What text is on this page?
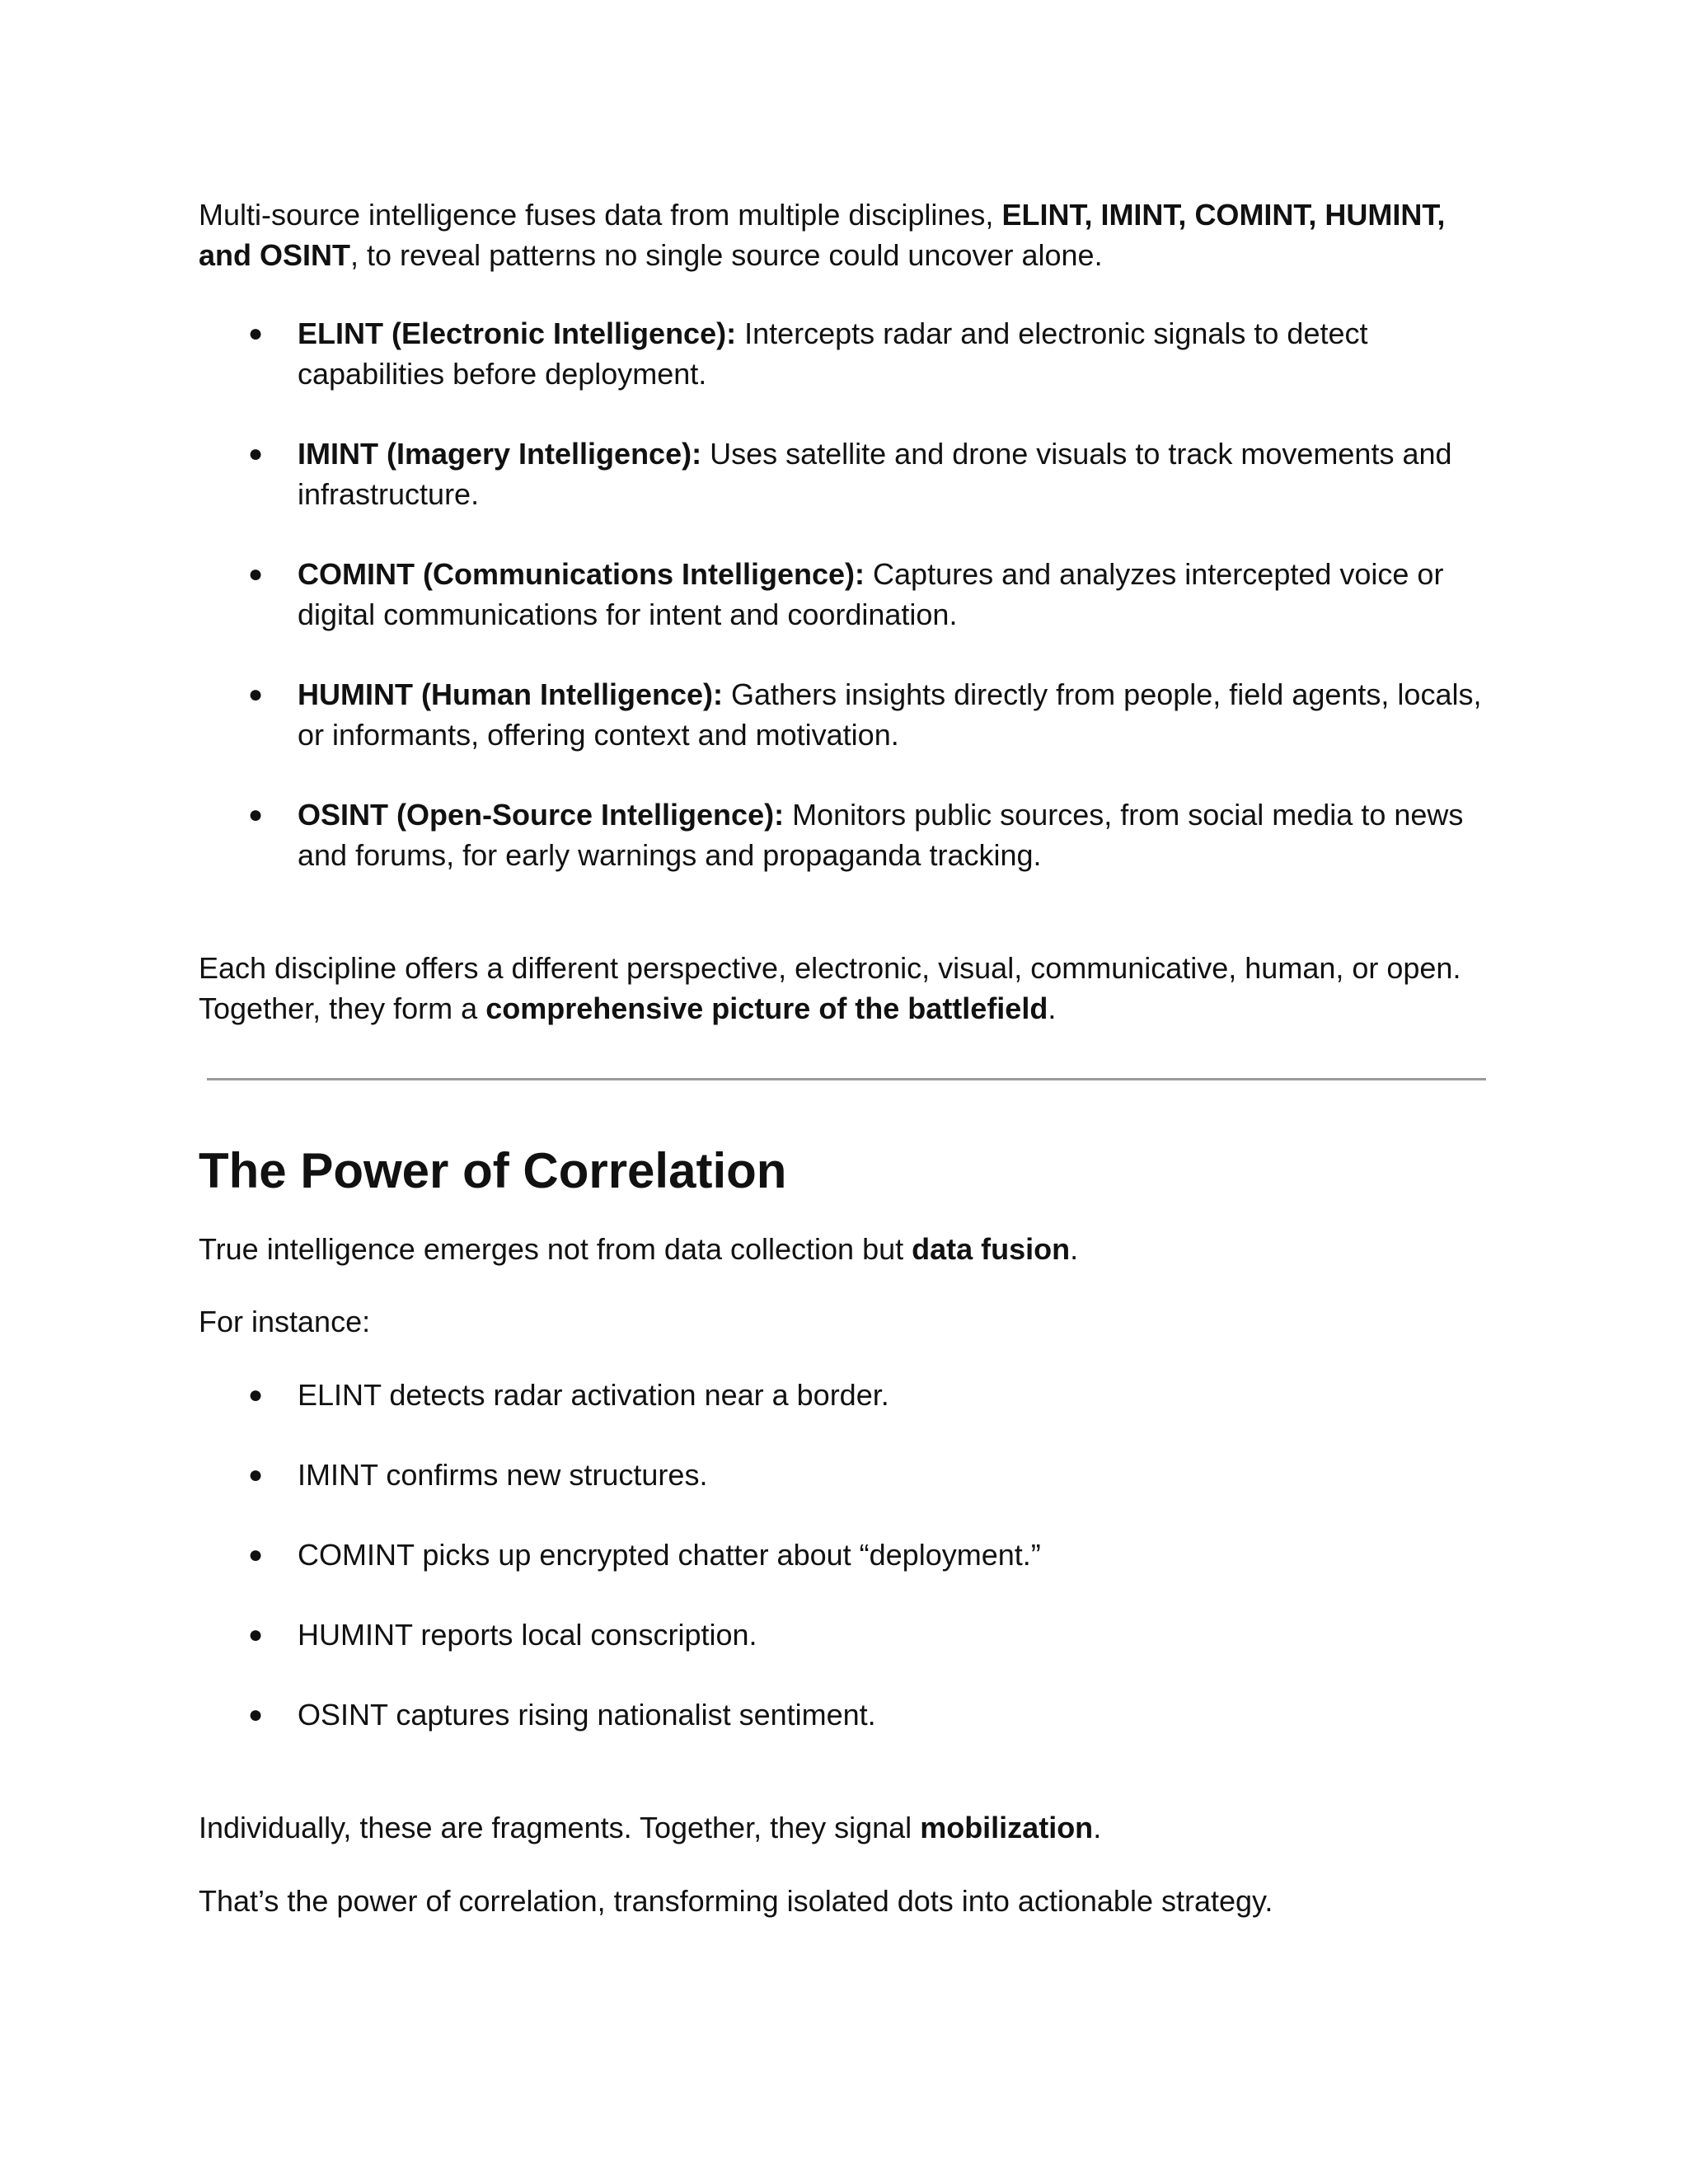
Multi-source intelligence fuses data from multiple disciplines, ELINT, IMINT, COMINT, HUMINT, and OSINT, to reveal patterns no single source could uncover alone.

● ELINT (Electronic Intelligence): Intercepts radar and electronic signals to detect capabilities before deployment.
● IMINT (Imagery Intelligence): Uses satellite and drone visuals to track movements and infrastructure.
● COMINT (Communications Intelligence): Captures and analyzes intercepted voice or digital communications for intent and coordination.
● HUMINT (Human Intelligence): Gathers insights directly from people, field agents, locals, or informants, offering context and motivation.
● OSINT (Open-Source Intelligence): Monitors public sources, from social media to news and forums, for early warnings and propaganda tracking.

Each discipline offers a different perspective, electronic, visual, communicative, human, or open. Together, they form a comprehensive picture of the battlefield.

The Power of Correlation

True intelligence emerges not from data collection but data fusion.

For instance:

● ELINT detects radar activation near a border.
● IMINT confirms new structures.
● COMINT picks up encrypted chatter about “deployment.”
● HUMINT reports local conscription.
● OSINT captures rising nationalist sentiment.

Individually, these are fragments. Together, they signal mobilization.

That’s the power of correlation, transforming isolated dots into actionable strategy.
